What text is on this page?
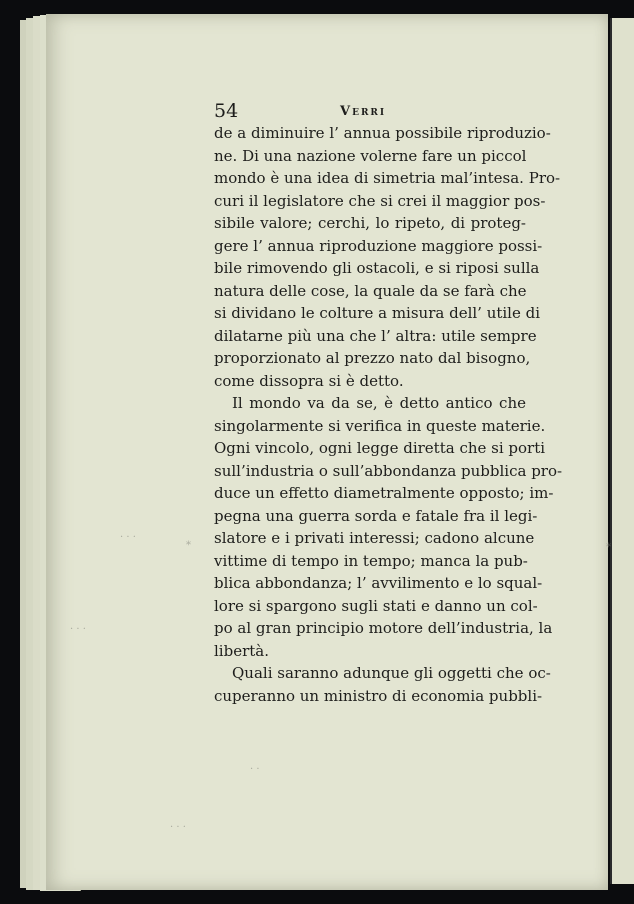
· · ·
· · ·
· ·
· · ·
*	*
54	Verri
de a diminuire l’ annua possibile riproduzio-
ne. Di una nazione volerne fare un piccol
mondo è una idea di simetria mal’intesa. Pro-
curi il legislatore che si crei il maggior pos-
sibile valore; cerchi, lo ripeto, di proteg-
gere l’ annua riproduzione maggiore possi-
bile rimovendo gli ostacoli, e si riposi sulla
natura delle cose, la quale da se farà che
si dividano le colture a misura dell’ utile di
dilatarne più una che l’ altra: utile sempre
proporzionato al prezzo nato dal bisogno,
come dissopra si è detto.
Il mondo va da se, è detto antico che
singolarmente si verifica in queste materie.
Ogni vincolo, ogni legge diretta che si porti
sull’industria o sull’abbondanza pubblica pro-
duce un effetto diametralmente opposto; im-
pegna una guerra sorda e fatale fra il legi-
slatore e i privati interessi; cadono alcune
vittime di tempo in tempo; manca la pub-
blica abbondanza; l’ avvilimento e lo squal-
lore si spargono sugli stati e danno un col-
po al gran principio motore dell’industria, la
libertà.
Quali saranno adunque gli oggetti che oc-
cuperanno un ministro di economia pubbli-
